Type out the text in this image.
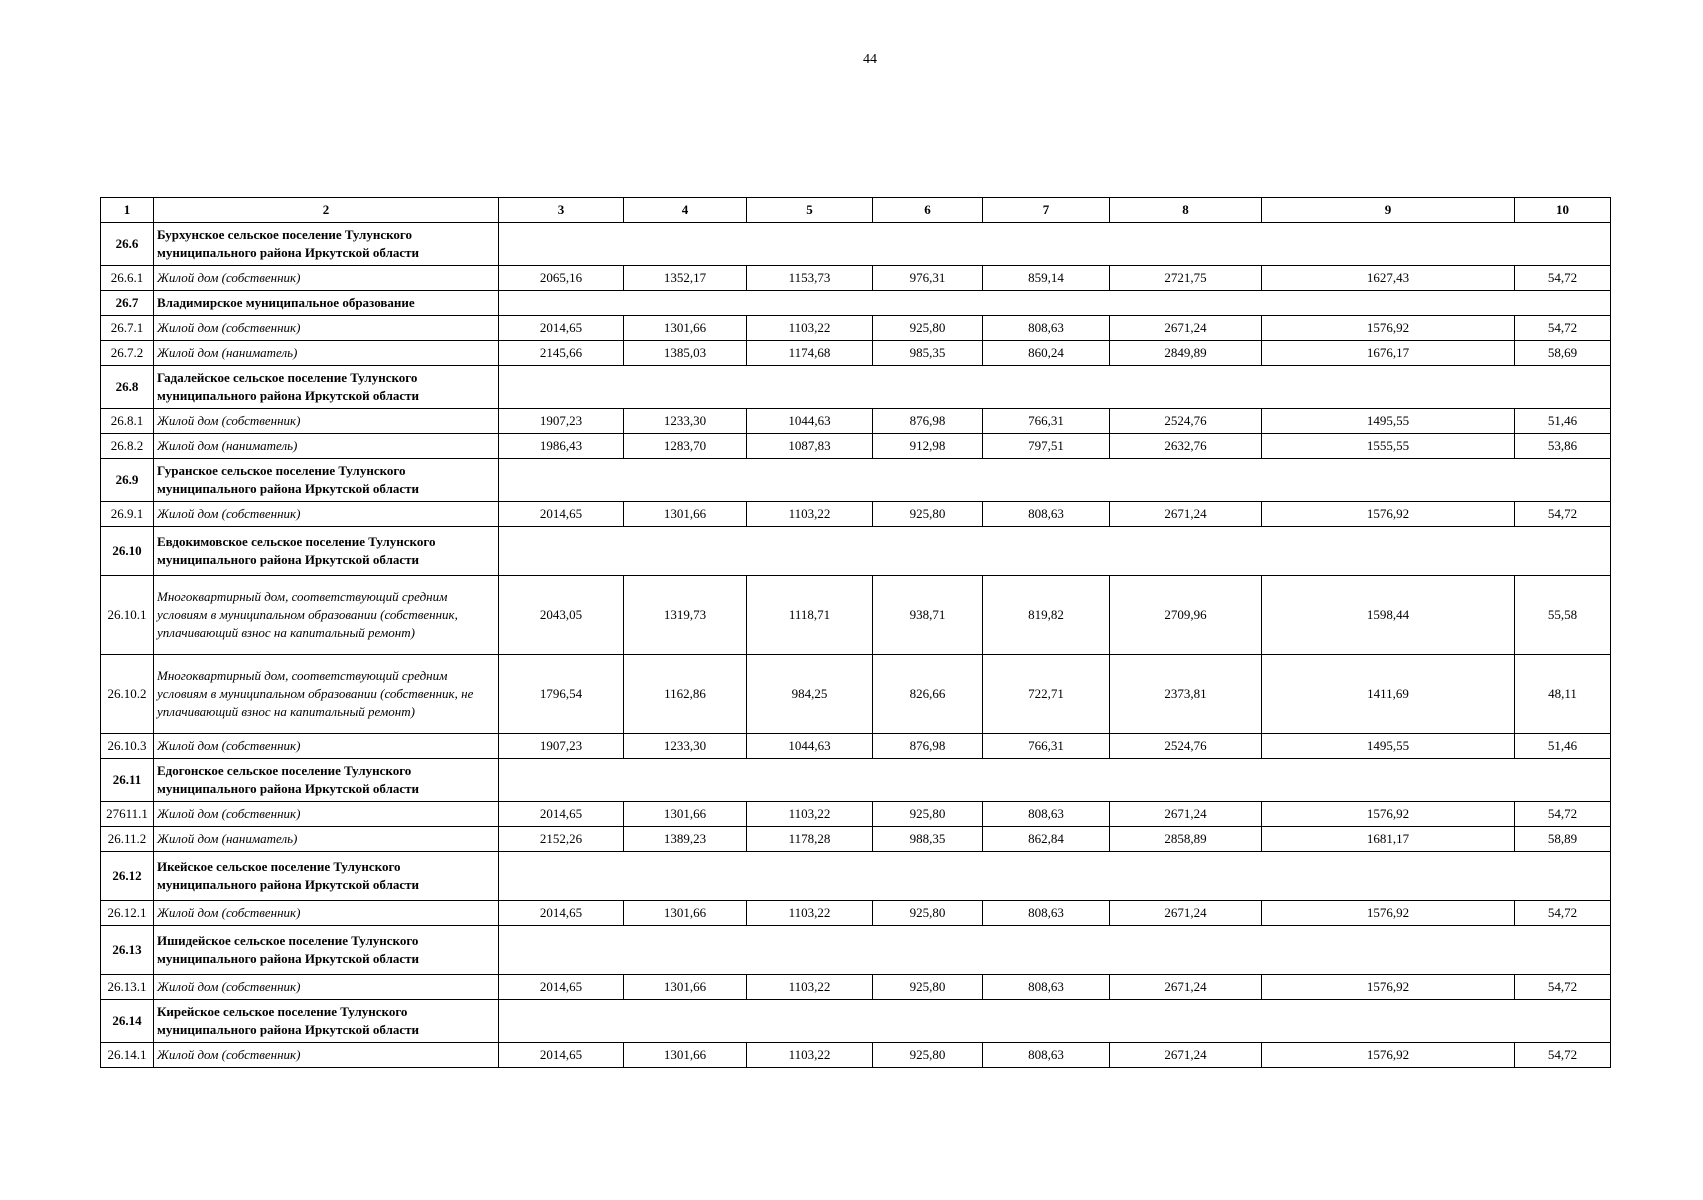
44
1	2	3	4	5	6	7	8	9	10
26.6	Бурхунское сельское поселение Тулунского муниципального района Иркутской области								
26.6.1	Жилой дом (собственник)	2065,16	1352,17	1153,73	976,31	859,14	2721,75	1627,43	54,72
26.7	Владимирское муниципальное образование								
26.7.1	Жилой дом (собственник)	2014,65	1301,66	1103,22	925,80	808,63	2671,24	1576,92	54,72
26.7.2	Жилой дом (наниматель)	2145,66	1385,03	1174,68	985,35	860,24	2849,89	1676,17	58,69
26.8	Гадалейское сельское поселение Тулунского муниципального района Иркутской области								
26.8.1	Жилой дом (собственник)	1907,23	1233,30	1044,63	876,98	766,31	2524,76	1495,55	51,46
26.8.2	Жилой дом (наниматель)	1986,43	1283,70	1087,83	912,98	797,51	2632,76	1555,55	53,86
26.9	Гуранское сельское поселение Тулунского муниципального района Иркутской области								
26.9.1	Жилой дом (собственник)	2014,65	1301,66	1103,22	925,80	808,63	2671,24	1576,92	54,72
26.10	Евдокимовское сельское поселение Тулунского муниципального района Иркутской области								
26.10.1	Многоквартирный дом, соответствующий средним условиям в муниципальном образовании (собственник, уплачивающий взнос на капитальный ремонт)	2043,05	1319,73	1118,71	938,71	819,82	2709,96	1598,44	55,58
26.10.2	Многоквартирный дом, соответствующий средним условиям в муниципальном образовании (собственник, не уплачивающий взнос на капитальный ремонт)	1796,54	1162,86	984,25	826,66	722,71	2373,81	1411,69	48,11
26.10.3	Жилой дом (собственник)	1907,23	1233,30	1044,63	876,98	766,31	2524,76	1495,55	51,46
26.11	Едогонское сельское поселение Тулунского муниципального района Иркутской области								
27611.1	Жилой дом (собственник)	2014,65	1301,66	1103,22	925,80	808,63	2671,24	1576,92	54,72
26.11.2	Жилой дом (наниматель)	2152,26	1389,23	1178,28	988,35	862,84	2858,89	1681,17	58,89
26.12	Икейское сельское поселение Тулунского муниципального района Иркутской области								
26.12.1	Жилой дом (собственник)	2014,65	1301,66	1103,22	925,80	808,63	2671,24	1576,92	54,72
26.13	Ишидейское сельское поселение Тулунского муниципального района Иркутской области								
26.13.1	Жилой дом (собственник)	2014,65	1301,66	1103,22	925,80	808,63	2671,24	1576,92	54,72
26.14	Кирейское сельское поселение Тулунского муниципального района Иркутской области								
26.14.1	Жилой дом (собственник)	2014,65	1301,66	1103,22	925,80	808,63	2671,24	1576,92	54,72
